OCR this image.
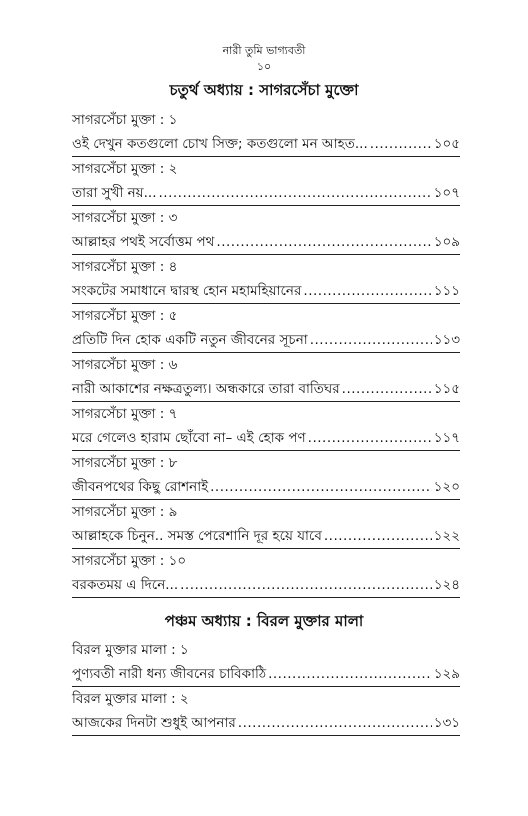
নারী তুমি ভাগ্যবতী
১০
চতুর্থ অধ্যায় : সাগরসেঁচা মুক্তো
সাগরসেঁচা মুক্তা : ১
ওই দেখুন কতগুলো চোখ সিক্ত; কতগুলো মন আহত... .....	১০৫
সাগরসেঁচা মুক্তা : ২
তারা সুখী নয়... .....	১০৭
সাগরসেঁচা মুক্তা : ৩
আল্লাহর পথই সর্বোত্তম পথ .....	১০৯
সাগরসেঁচা মুক্তা : ৪
সংকটের সমাধানে দ্বারস্থ হোন মহামহিয়ানের .....	১১১
সাগরসেঁচা মুক্তা : ৫
প্রতিটি দিন হোক একটি নতুন জীবনের সূচনা .....	১১৩
সাগরসেঁচা মুক্তা : ৬
নারী আকাশের নক্ষত্রতুল্য। অন্ধকারে তারা বাতিঘর .....	১১৫
সাগরসেঁচা মুক্তা : ৭
মরে গেলেও হারাম ছোঁবো না– এই হোক পণ .....	১১৭
সাগরসেঁচা মুক্তা : ৮
জীবনপথের কিছু রোশনাই .....	১২০
সাগরসেঁচা মুক্তা : ৯
আল্লাহকে চিনুন.. সমস্ত পেরেশানি দূর হয়ে যাবে .....	১২২
সাগরসেঁচা মুক্তা : ১০
বরকতময় এ দিনে... .....	১২৪
পঞ্চম অধ্যায় : বিরল মুক্তার মালা
বিরল মুক্তার মালা : ১
পুণ্যবতী নারী ধন্য জীবনের চাবিকাঠি .....	১২৯
বিরল মুক্তার মালা : ২
আজকের দিনটা শুধুই আপনার .....	১৩১
